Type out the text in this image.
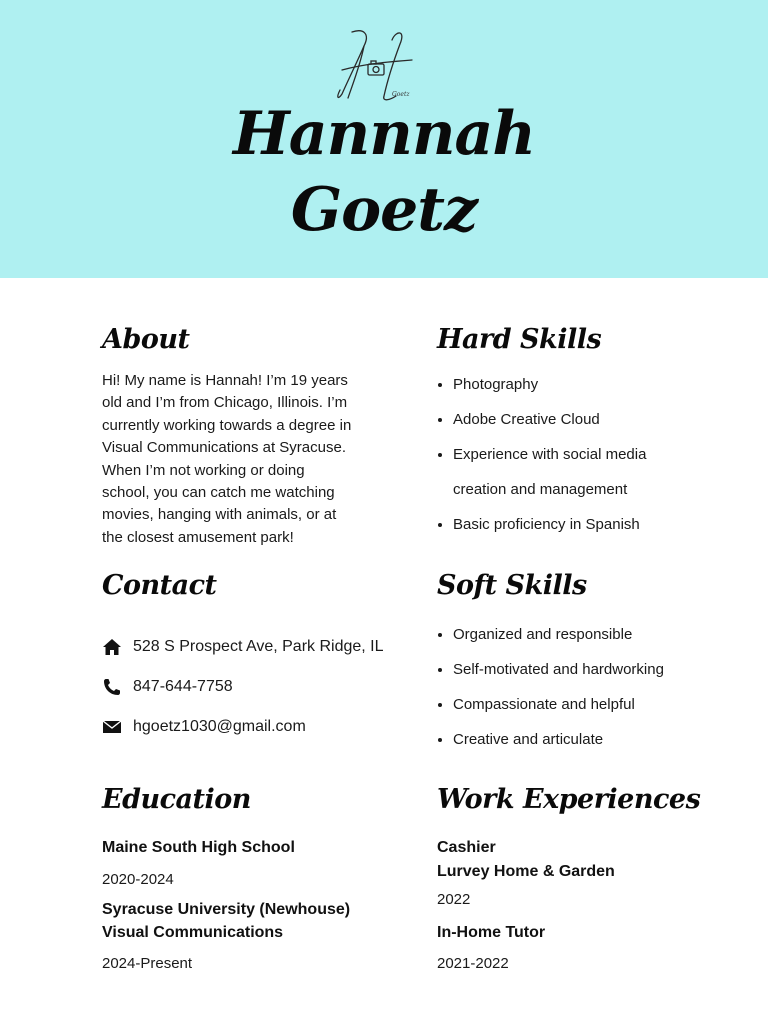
Goetz
Hannnah
Goetz
About
Hi! My name is Hannah! I’m 19 years
old and I’m from Chicago, Illinois. I’m
currently working towards a degree in
Visual Communications at Syracuse.
When I’m not working or doing
school, you can catch me watching
movies, hanging with animals, or at
the closest amusement park!
Hard Skills
• Photography
• Adobe Creative Cloud
• Experience with social media creation and management
• Basic proficiency in Spanish
Contact
528 S Prospect Ave, Park Ridge, IL
847-644-7758
hgoetz1030@gmail.com
Soft Skills
• Organized and responsible
• Self-motivated and hardworking
• Compassionate and helpful
• Creative and articulate
Education
Maine South High School
2020-2024
Syracuse University (Newhouse)
Visual Communications
2024-Present
Work Experiences
Cashier
Lurvey Home & Garden
2022
In-Home Tutor
2021-2022
